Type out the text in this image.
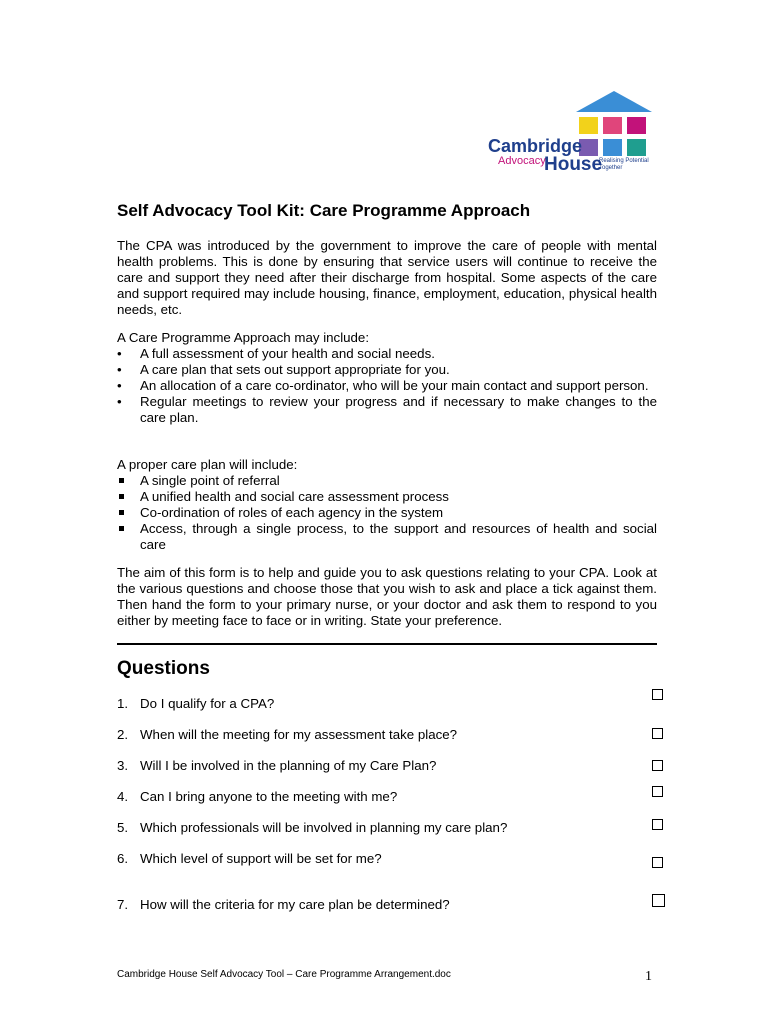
Cambridge
Advocacy
House
Realising Potential
Together
Self Advocacy Tool Kit: Care Programme Approach

The CPA was introduced by the government to improve the care of people with mental health problems. This is done by ensuring that service users will continue to receive the care and support they need after their discharge from hospital. Some aspects of the care and support required may include housing, finance, employment, education, physical health needs, etc.

A Care Programme Approach may include:

•	A full assessment of your health and social needs.
•	A care plan that sets out support appropriate for you.
•	An allocation of a care co-ordinator, who will be your main contact and support person.
•	Regular meetings to review your progress and if necessary to make changes to the care plan.

A proper care plan will include:

A single point of referral
A unified health and social care assessment process
Co-ordination of roles of each agency in the system
Access, through a single process, to the support and resources of health and social care

The aim of this form is to help and guide you to ask questions relating to your CPA. Look at the various questions and choose those that you wish to ask and place a tick against them. Then hand the form to your primary nurse, or your doctor and ask them to respond to you either by meeting face to face or in writing. State your preference.

Questions
1. Do I qualify for a CPA?
2. When will the meeting for my assessment take place?
3. Will I be involved in the planning of my Care Plan?
4. Can I bring anyone to the meeting with me?
5. Which professionals will be involved in planning my care plan?
6. Which level of support will be set for me?
7. How will the criteria for my care plan be determined?
Cambridge House Self Advocacy Tool – Care Programme Arrangement.doc	1
